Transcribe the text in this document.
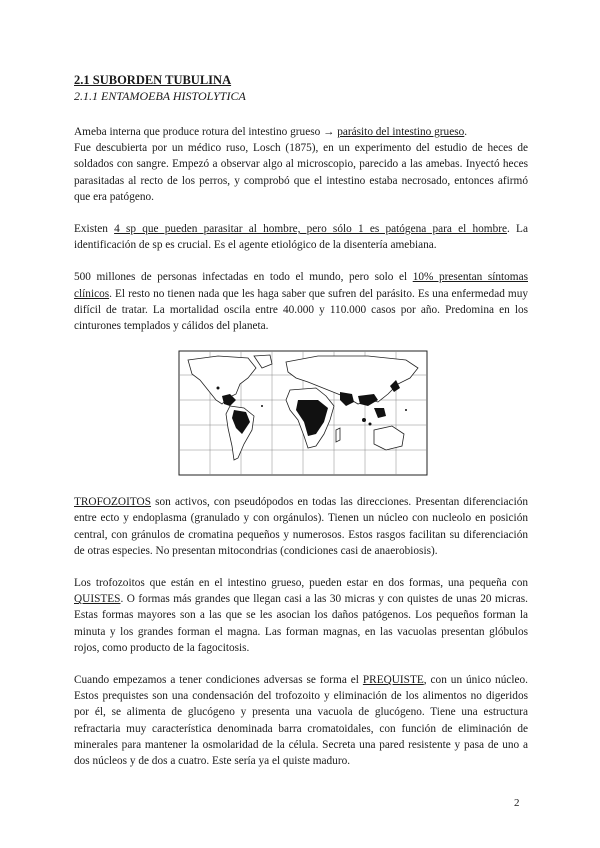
2.1 SUBORDEN TUBULINA
2.1.1 ENTAMOEBA HISTOLYTICA

Ameba interna que produce rotura del intestino grueso → parásito del intestino grueso.
Fue descubierta por un médico ruso, Losch (1875), en un experimento del estudio de heces de soldados con sangre. Empezó a observar algo al microscopio, parecido a las amebas. Inyectó heces parasitadas al recto de los perros, y comprobó que el intestino estaba necrosado, entonces afirmó que era patógeno.

Existen 4 sp que pueden parasitar al hombre, pero sólo 1 es patógena para el hombre. La identificación de sp es crucial. Es el agente etiológico de la disentería amebiana.

500 millones de personas infectadas en todo el mundo, pero solo el 10% presentan síntomas clínicos. El resto no tienen nada que les haga saber que sufren del parásito. Es una enfermedad muy difícil de tratar. La mortalidad oscila entre 40.000 y 110.000 casos por año. Predomina en los cinturones templados y cálidos del planeta.

TROFOZOITOS son activos, con pseudópodos en todas las direcciones. Presentan diferenciación entre ecto y endoplasma (granulado y con orgánulos). Tienen un núcleo con nucleolo en posición central, con gránulos de cromatina pequeños y numerosos. Estos rasgos facilitan su diferenciación de otras especies. No presentan mitocondrias (condiciones casi de anaerobiosis).

Los trofozoitos que están en el intestino grueso, pueden estar en dos formas, una pequeña con QUISTES. O formas más grandes que llegan casi a las 30 micras y con quistes de unas 20 micras. Estas formas mayores son a las que se les asocian los daños patógenos. Los pequeños forman la minuta y los grandes forman el magna. Las forman magnas, en las vacuolas presentan glóbulos rojos, como producto de la fagocitosis.

Cuando empezamos a tener condiciones adversas se forma el PREQUISTE, con un único núcleo. Estos prequistes son una condensación del trofozoito y eliminación de los alimentos no digeridos por él, se alimenta de glucógeno y presenta una vacuola de glucógeno. Tiene una estructura refractaria muy característica denominada barra cromatoidales, con función de eliminación de minerales para mantener la osmolaridad de la célula. Secreta una pared resistente y pasa de uno a dos núcleos y de dos a cuatro. Este sería ya el quiste maduro.

2
